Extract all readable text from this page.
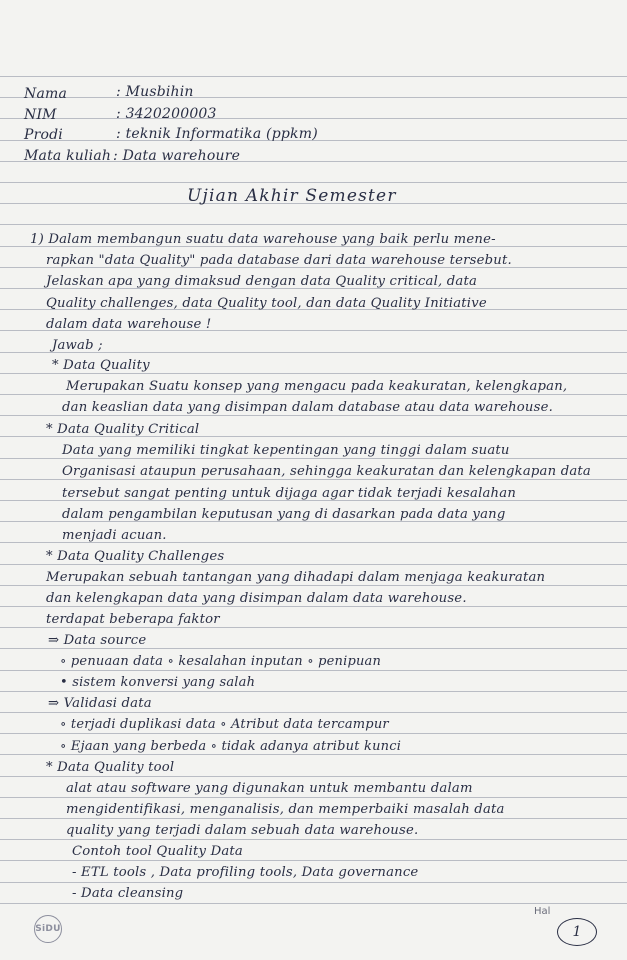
Nama	: Musbihin
NIM	: 3420200003
Prodi	: teknik Informatika (ppkm)
Mata kuliah : Data warehoure
Ujian Akhir Semester
1) Dalam membangun suatu data warehouse yang baik perlu mene-
rapkan "data Quality" pada database dari data warehouse tersebut.
Jelaskan apa yang dimaksud dengan data Quality critical, data
Quality challenges, data Quality tool, dan data Quality Initiative
dalam data warehouse !
Jawab ;
* Data Quality
Merupakan Suatu konsep yang mengacu pada keakuratan, kelengkapan,
dan keaslian data yang disimpan dalam database atau data warehouse.
* Data Quality Critical
Data yang memiliki tingkat kepentingan yang tinggi dalam suatu
Organisasi ataupun perusahaan, sehingga keakuratan dan kelengkapan data
tersebut sangat penting untuk dijaga agar tidak terjadi kesalahan
dalam pengambilan keputusan yang di dasarkan pada data yang
menjadi acuan.
* Data Quality Challenges
Merupakan sebuah tantangan yang dihadapi dalam menjaga keakuratan
dan kelengkapan data yang disimpan dalam data warehouse.
terdapat beberapa faktor
⇒ Data source
∘ penuaan data ∘ kesalahan inputan ∘ penipuan
• sistem konversi yang salah
⇒ Validasi data
∘ terjadi duplikasi data ∘ Atribut data tercampur
∘ Ejaan yang berbeda ∘ tidak adanya atribut kunci
* Data Quality tool
alat atau software yang digunakan untuk membantu dalam
mengidentifikasi, menganalisis, dan memperbaiki masalah data
quality yang terjadi dalam sebuah data warehouse.
Contoh tool Quality Data
- ETL tools , Data profiling tools, Data governance
- Data cleansing
SiDU
Hal
1
